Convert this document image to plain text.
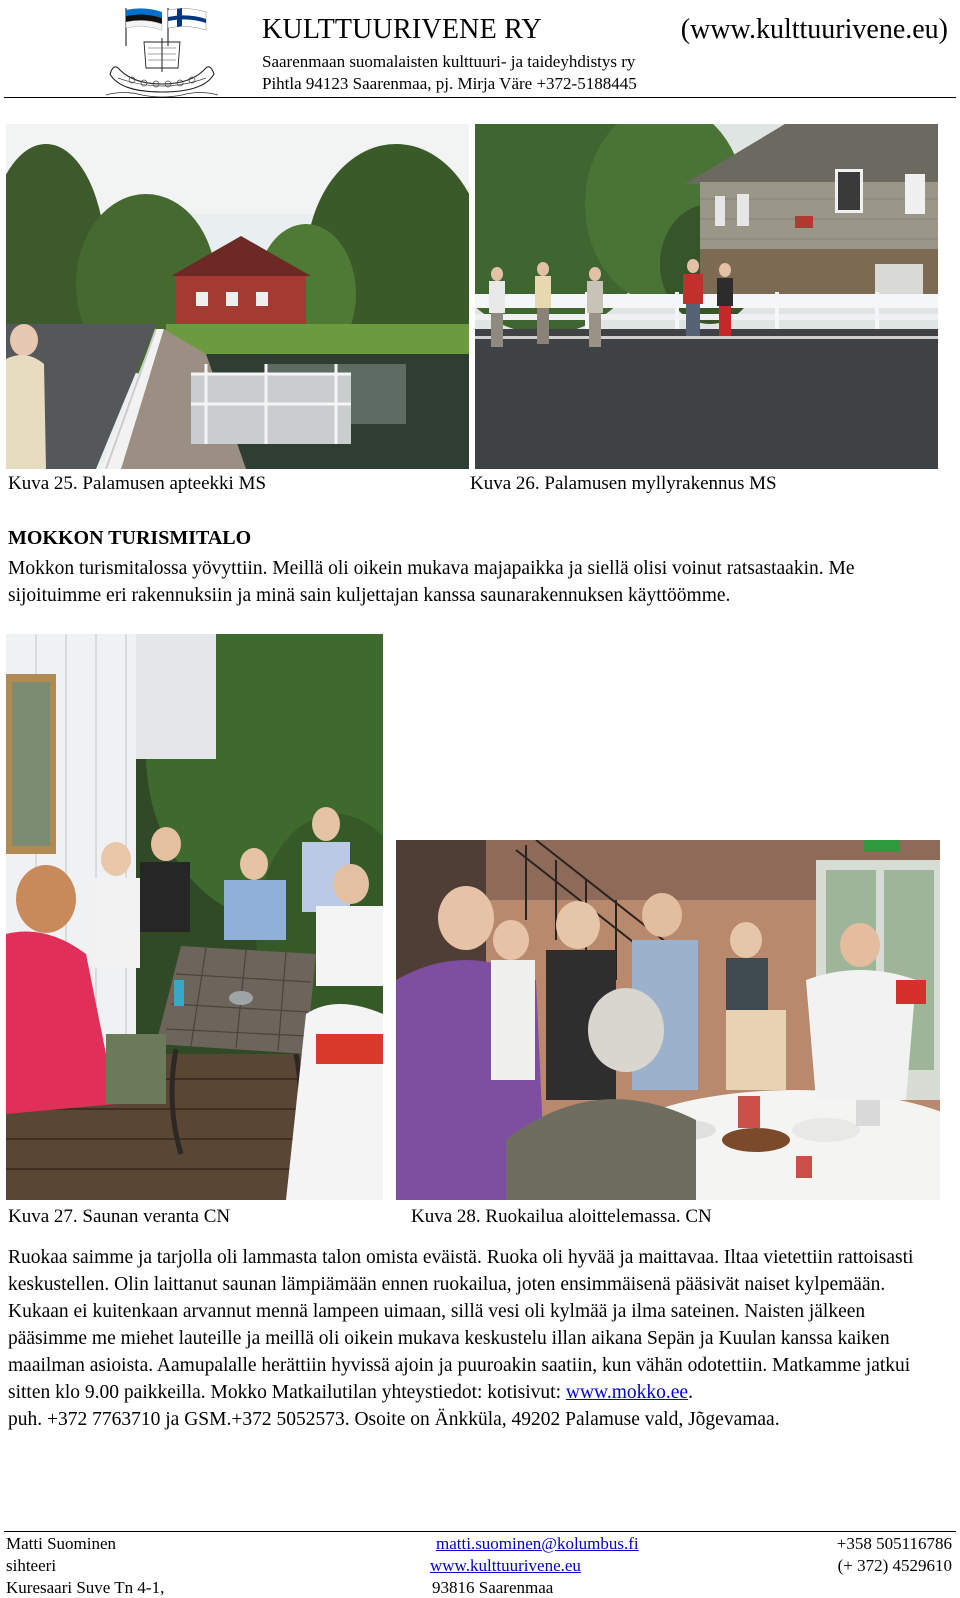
KULTTUURIVENE RY	(www.kulttuurivene.eu)
Saarenmaan suomalaisten kulttuuri- ja taideyhdistys ry
Pihtla 94123 Saarenmaa, pj. Mirja Väre +372-5188445
Kuva 25. Palamusen apteekki MS	Kuva 26. Palamusen myllyrakennus MS
MOKKON TURISMITALO
Mokkon turismitalossa yövyttiin. Meillä oli oikein mukava majapaikka ja siellä olisi voinut ratsastaakin. Me sijoituimme eri rakennuksiin ja minä sain kuljettajan kanssa saunarakennuksen käyttöömme.
Kuva 27. Saunan veranta CN	Kuva 28. Ruokailua aloittelemassa. CN
Ruokaa saimme ja tarjolla oli lammasta talon omista eväistä. Ruoka oli hyvää ja maittavaa. Iltaa vietettiin rattoisasti keskustellen. Olin laittanut saunan lämpiämään ennen ruokailua, joten ensimmäisenä pääsivät naiset kylpemään. Kukaan ei kuitenkaan arvannut mennä lampeen uimaan, sillä vesi oli kylmää ja ilma sateinen. Naisten jälkeen pääsimme me miehet lauteille ja meillä oli oikein mukava keskustelu illan aikana Sepän ja Kuulan kanssa kaiken maailman asioista. Aamupalalle herättiin hyvissä ajoin ja puuroakin saatiin, kun vähän odotettiin. Matkamme jatkui sitten klo 9.00 paikkeilla. Mokko Matkailutilan yhteystiedot: kotisivut: www.mokko.ee.
puh. +372 7763710 ja GSM.+372 5052573. Osoite on Änkküla, 49202 Palamuse vald, Jõgevamaa.
Matti Suominen	matti.suominen@kolumbus.fi	+358 505116786
sihteeri	www.kulttuurivene.eu	(+ 372) 4529610
Kuresaari Suve Tn 4-1,	93816 Saarenmaa
